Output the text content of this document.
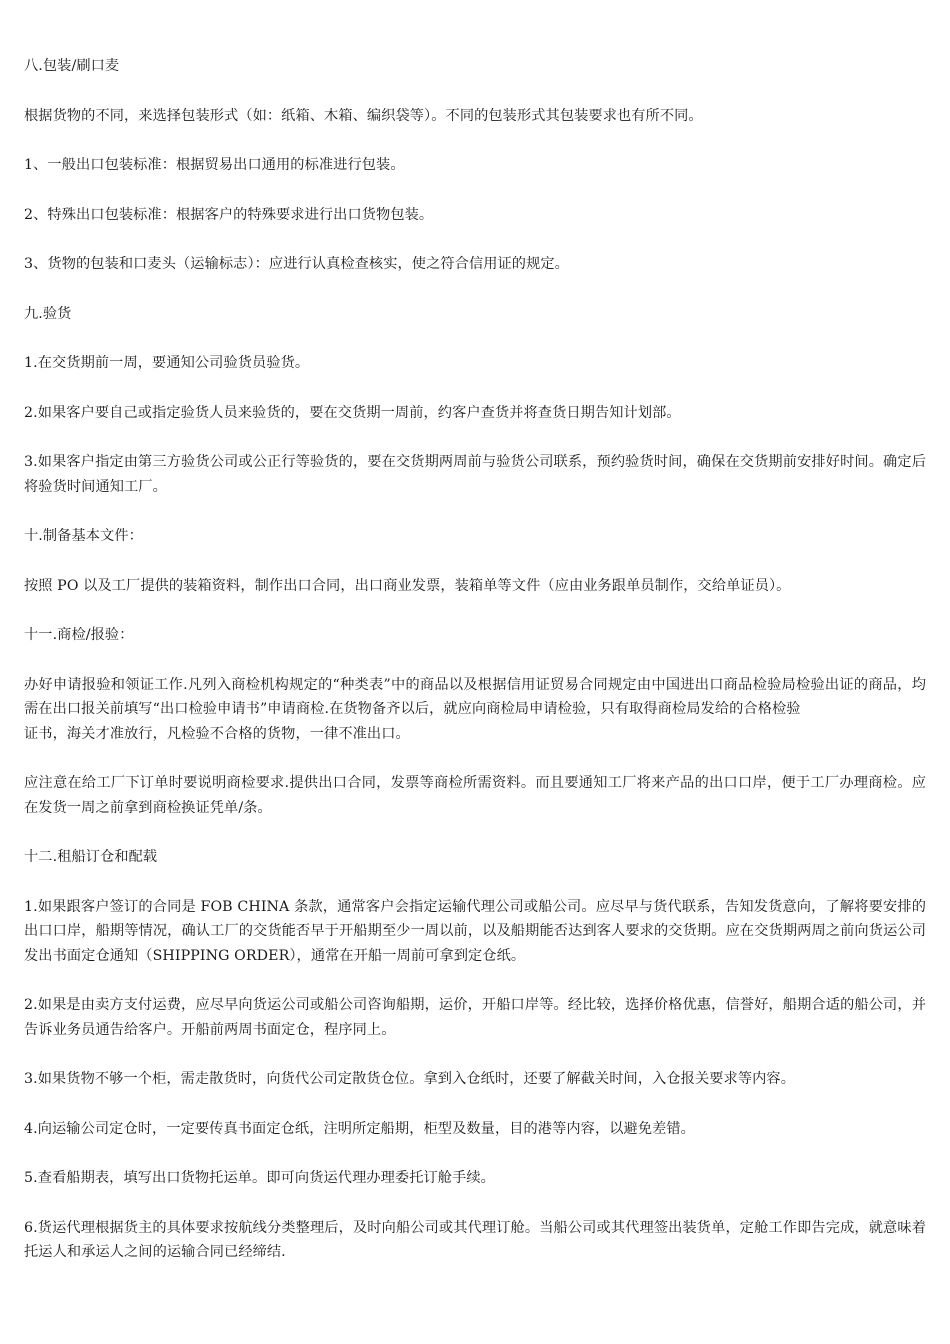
八.包装/刷口麦

根据货物的不同，来选择包装形式（如：纸箱、木箱、编织袋等）。不同的包装形式其包装要求也有所不同。

1、一般出口包装标准：根据贸易出口通用的标准进行包装。

2、特殊出口包装标准：根据客户的特殊要求进行出口货物包装。

3、货物的包装和口麦头（运输标志）：应进行认真检查核实，使之符合信用证的规定。

九.验货

1.在交货期前一周，要通知公司验货员验货。

2.如果客户要自己或指定验货人员来验货的，要在交货期一周前，约客户查货并将查货日期告知计划部。

3.如果客户指定由第三方验货公司或公正行等验货的，要在交货期两周前与验货公司联系，预约验货时间，确保在交货期前安排好时间。确定后将验货时间通知工厂。

十.制备基本文件：

按照 PO 以及工厂提供的装箱资料，制作出口合同，出口商业发票，装箱单等文件（应由业务跟单员制作，交给单证员）。

十一.商检/报验：

办好申请报验和领证工作.凡列入商检机构规定的“种类表”中的商品以及根据信用证贸易合同规定由中国进出口商品检验局检验出证的商品，均需在出口报关前填写“出口检验申请书”申请商检.在货物备齐以后，就应向商检局申请检验，只有取得商检局发给的合格检验

证书，海关才准放行，凡检验不合格的货物，一律不准出口。

应注意在给工厂下订单时要说明商检要求.提供出口合同，发票等商检所需资料。而且要通知工厂将来产品的出口口岸，便于工厂办理商检。应在发货一周之前拿到商检换证凭单/条。

十二.租船订仓和配载

1.如果跟客户签订的合同是 FOB CHINA 条款，通常客户会指定运输代理公司或船公司。应尽早与货代联系，告知发货意向，了解将要安排的出口口岸，船期等情况，确认工厂的交货能否早于开船期至少一周以前，以及船期能否达到客人要求的交货期。应在交货期两周之前向货运公司发出书面定仓通知（SHIPPING ORDER），通常在开船一周前可拿到定仓纸。

2.如果是由卖方支付运费，应尽早向货运公司或船公司咨询船期，运价，开船口岸等。经比较，选择价格优惠，信誉好，船期合适的船公司，并告诉业务员通告给客户。开船前两周书面定仓，程序同上。

3.如果货物不够一个柜，需走散货时，向货代公司定散货仓位。拿到入仓纸时，还要了解截关时间，入仓报关要求等内容。

4.向运输公司定仓时，一定要传真书面定仓纸，注明所定船期，柜型及数量，目的港等内容，以避免差错。

5.查看船期表，填写出口货物托运单。即可向货运代理办理委托订舱手续。

6.货运代理根据货主的具体要求按航线分类整理后，及时向船公司或其代理订舱。当船公司或其代理签出装货单，定舱工作即告完成，就意味着托运人和承运人之间的运输合同已经缔结.
